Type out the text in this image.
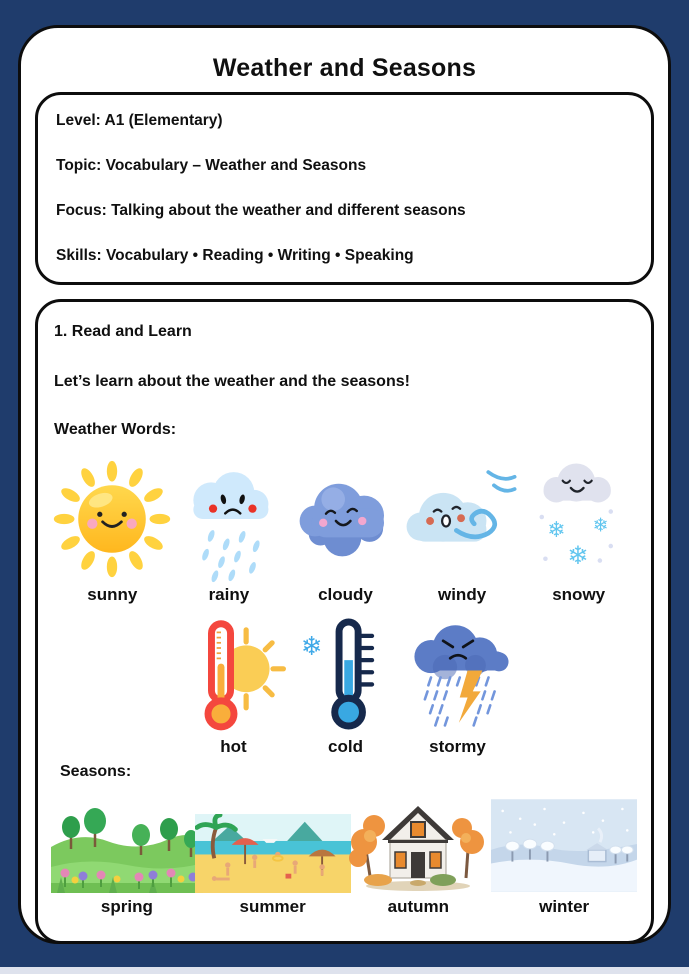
Weather and Seasons
Level: A1 (Elementary)
Topic: Vocabulary – Weather and Seasons
Focus: Talking about the weather and different seasons
Skills: Vocabulary • Reading • Writing • Speaking
1. Read and Learn
Let’s learn about the weather and the seasons!
Weather Words:
sunny	rainy	cloudy	windy
❄ ❄
❄
snowy
hot
❄
cold	stormy
Seasons:
spring	summer	autumn	winter
